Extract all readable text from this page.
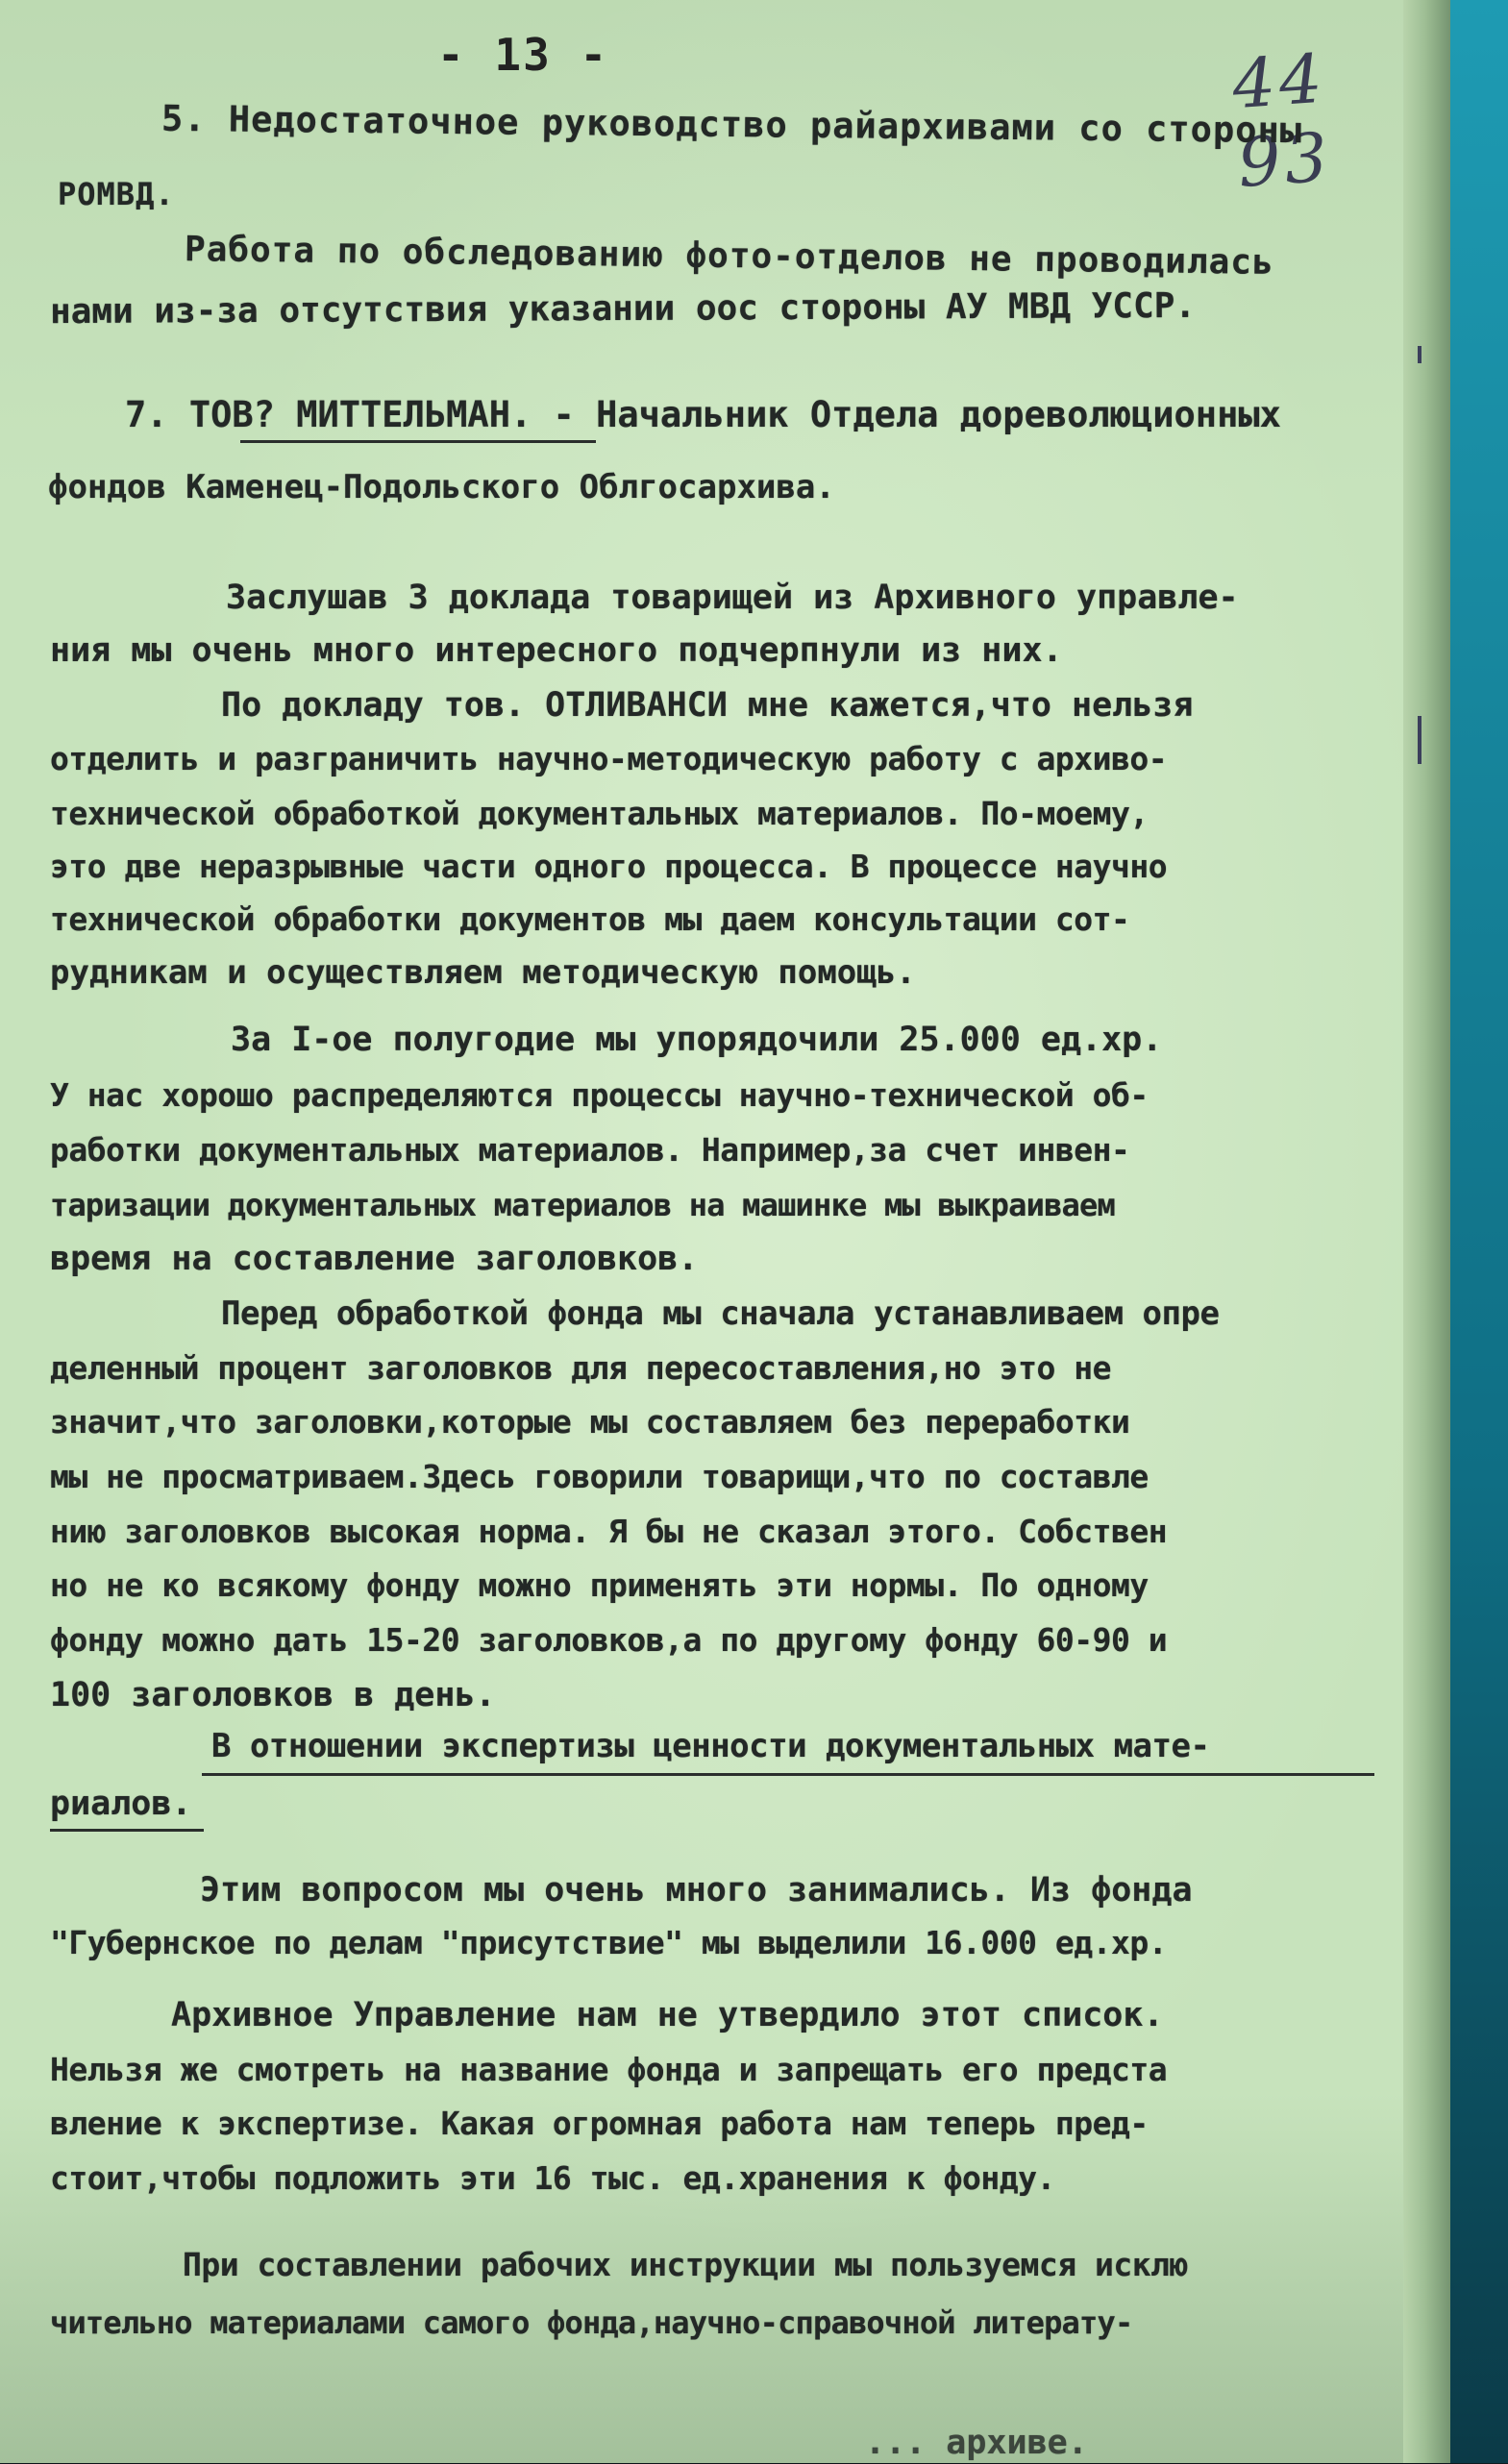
- 13 -	44 93
5. Недостаточное руководство райархивами со стороны
РОМВД.
Работа по обследованию фото-отделов не проводилась
нами из-за отсутствия указании оос стороны АУ МВД УССР.
7. ТОВ? МИТТЕЛЬМАН. - Начальник Отдела дореволюционных
фондов Каменец-Подольского Облгосархива.
Заслушав 3 доклада товарищей из Архивного управле-
ния мы очень много интересного подчерпнули из них.
По докладу тов. ОТЛИВАНСИ мне кажется,что нельзя
отделить и разграничить научно-методическую работу с архиво-
технической обработкой документальных материалов. По-моему,
это две неразрывные части одного процесса. В процессе научно
технической обработки документов мы даем консультации сот-
рудникам и осуществляем методическую помощь.
За I-ое полугодие мы упорядочили 25.000 ед.хр.
У нас хорошо распределяются процессы научно-технической об-
работки документальных материалов. Например,за счет инвен-
таризации документальных материалов на машинке мы выкраиваем
время на составление заголовков.
Перед обработкой фонда мы сначала устанавливаем опре
деленный процент заголовков для пересоставления,но это не
значит,что заголовки,которые мы составляем без переработки
мы не просматриваем.Здесь говорили товарищи,что по составле
нию заголовков высокая норма. Я бы не сказал этого. Собствен
но не ко всякому фонду можно применять эти нормы. По одному
фонду можно дать 15-20 заголовков,а по другому фонду 60-90 и
100 заголовков в день.
В отношении экспертизы ценности документальных мате-
риалов.
Этим вопросом мы очень много занимались. Из фонда
"Губернское по делам "присутствие" мы выделили 16.000 ед.хр.
Архивное Управление нам не утвердило этот список.
Нельзя же смотреть на название фонда и запрещать его предста
вление к экспертизе. Какая огромная работа нам теперь пред-
стоит,чтобы подложить эти 16 тыс. ед.хранения к фонду.
При составлении рабочих инструкции мы пользуемся исклю
чительно материалами самого фонда,научно-справочной литерату-
... архиве.
